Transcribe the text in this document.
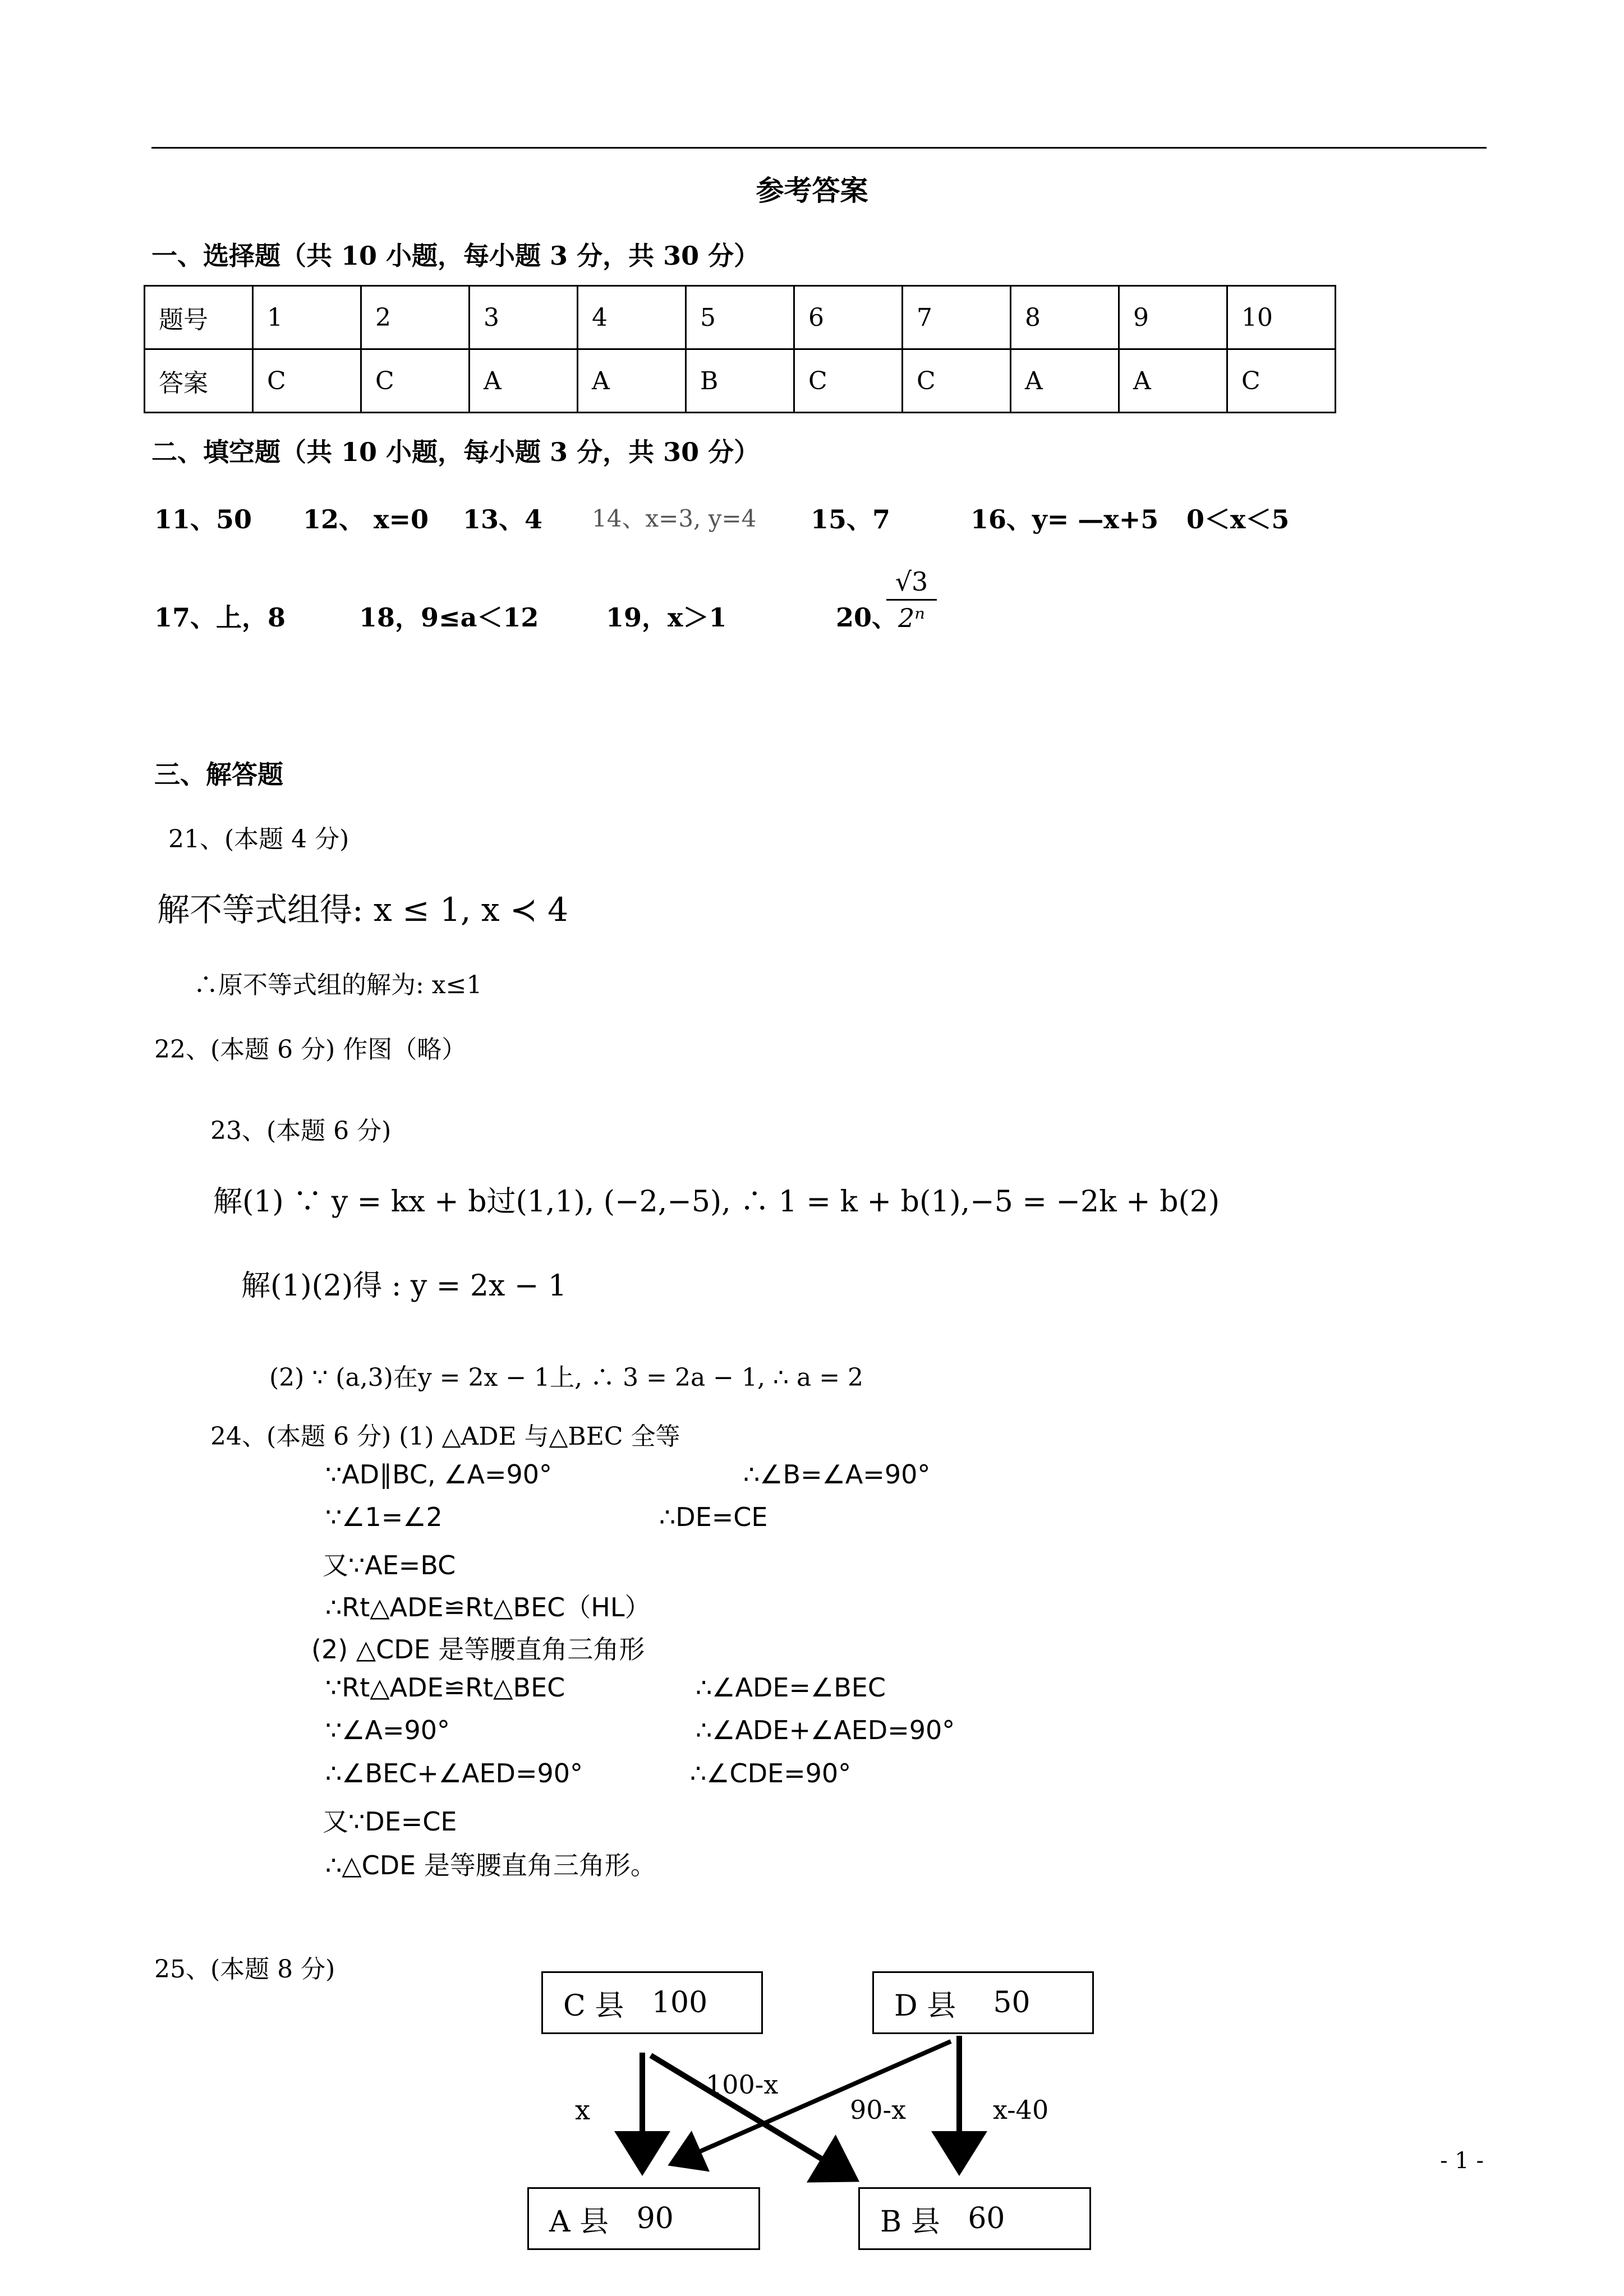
参考答案
一、选择题（共 10 小题，每小题 3 分，共 30 分）
题号	1	2	3	4	5	6	7	8	9	10
答案	C	C	A	A	B	C	C	A	A	C
二、填空题（共 10 小题，每小题 3 分，共 30 分）
11、50 12、 x=0 13、4 14、x=3, y=4 15、7	16、y= —x+5 0＜x＜5
17、上，8	18，9≤a＜12	19，x＞1	20、
$\frac{√3}{\text{2ⁿ}}$
三、解答题
21、(本题 4 分)
解不等式组得: x ≤ 1, x ≺ 4
∴原不等式组的解为: x≤1
22、(本题 6 分) 作图（略）
23、(本题 6 分)
解(1) ∵ y = kx + b过(1,1), (−2,−5), ∴ 1 = k + b(1),−5 = −2k + b(2)
解(1)(2)得 : y = 2x − 1
(2) ∵ (a,3)在y = 2x − 1上, ∴ 3 = 2a − 1, ∴ a = 2
24、(本题 6 分) (1) △ADE 与△BEC 全等
∵AD∥BC, ∠A=90°	∴∠B=∠A=90°
∵∠1=∠2	∴DE=CE
又∵AE=BC
∴Rt△ADE≌Rt△BEC（HL）
(2) △CDE 是等腰直角三角形
∵Rt△ADE≌Rt△BEC	∴∠ADE=∠BEC
∵∠A=90°	∴∠ADE+∠AED=90°
∴∠BEC+∠AED=90°	∴∠CDE=90°
又∵DE=CE
∴△CDE 是等腰直角三角形。
25、(本题 8 分)
C 县
100	D 县
50
A 县
90	B 县
60
x
100-x
90-x	x-40
- 1 -
